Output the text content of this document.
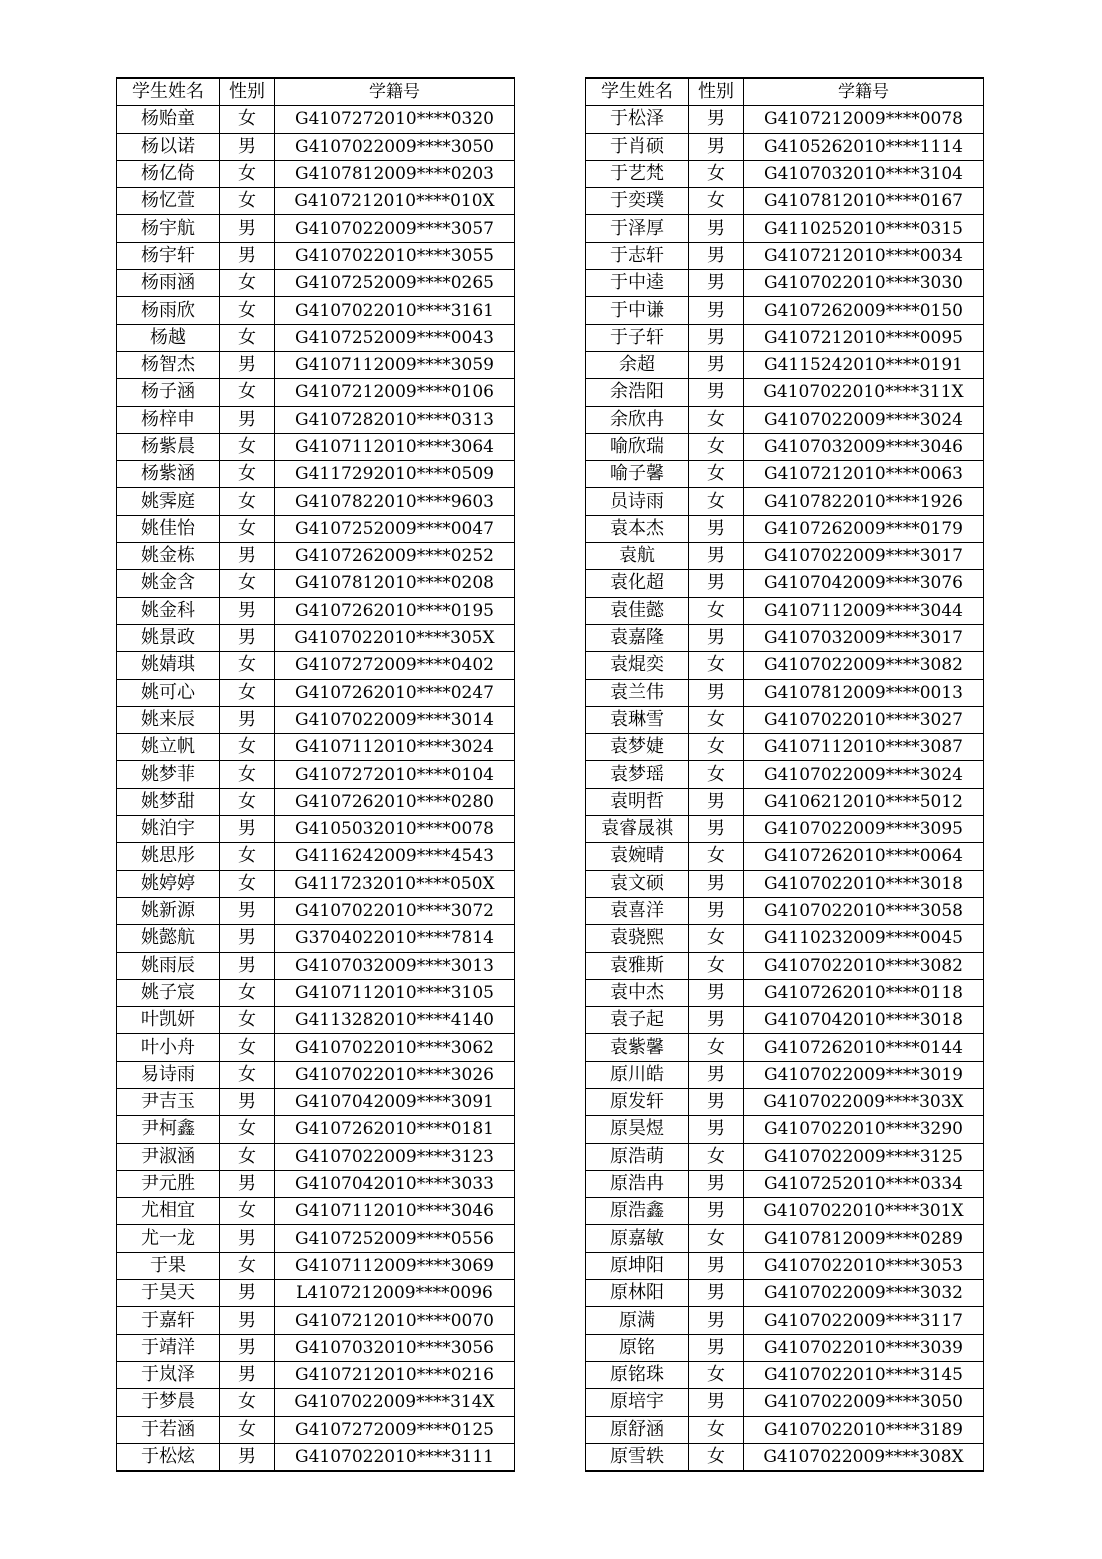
学生姓名	性别	学籍号
杨贻童	女	G4107272010****0320
杨以诺	男	G4107022009****3050
杨亿倚	女	G4107812009****0203
杨忆萱	女	G4107212010****010X
杨宇航	男	G4107022009****3057
杨宇轩	男	G4107022010****3055
杨雨涵	女	G4107252009****0265
杨雨欣	女	G4107022010****3161
杨越	女	G4107252009****0043
杨智杰	男	G4107112009****3059
杨子涵	女	G4107212009****0106
杨梓申	男	G4107282010****0313
杨紫晨	女	G4107112010****3064
杨紫涵	女	G4117292010****0509
姚霁庭	女	G4107822010****9603
姚佳怡	女	G4107252009****0047
姚金栋	男	G4107262009****0252
姚金含	女	G4107812010****0208
姚金科	男	G4107262010****0195
姚景政	男	G4107022010****305X
姚婧琪	女	G4107272009****0402
姚可心	女	G4107262010****0247
姚来辰	男	G4107022009****3014
姚立帆	女	G4107112010****3024
姚梦菲	女	G4107272010****0104
姚梦甜	女	G4107262010****0280
姚泊宇	男	G4105032010****0078
姚思彤	女	G4116242009****4543
姚婷婷	女	G4117232010****050X
姚新源	男	G4107022010****3072
姚懿航	男	G3704022010****7814
姚雨辰	男	G4107032009****3013
姚子宸	女	G4107112010****3105
叶凯妍	女	G4113282010****4140
叶小舟	女	G4107022010****3062
易诗雨	女	G4107022010****3026
尹吉玉	男	G4107042009****3091
尹柯鑫	女	G4107262010****0181
尹淑涵	女	G4107022009****3123
尹元胜	男	G4107042010****3033
尤相宜	女	G4107112010****3046
尤一龙	男	G4107252009****0556
于果	女	G4107112009****3069
于昊天	男	L4107212009****0096
于嘉轩	男	G4107212010****0070
于靖洋	男	G4107032010****3056
于岚泽	男	G4107212010****0216
于梦晨	女	G4107022009****314X
于若涵	女	G4107272009****0125
于松炫	男	G4107022010****3111
学生姓名	性别	学籍号
于松泽	男	G4107212009****0078
于肖硕	男	G4105262010****1114
于艺梵	女	G4107032010****3104
于奕璞	女	G4107812010****0167
于泽厚	男	G4110252010****0315
于志轩	男	G4107212010****0034
于中逵	男	G4107022010****3030
于中谦	男	G4107262009****0150
于子轩	男	G4107212010****0095
余超	男	G4115242010****0191
余浩阳	男	G4107022010****311X
余欣冉	女	G4107022009****3024
喻欣瑞	女	G4107032009****3046
喻子馨	女	G4107212010****0063
员诗雨	女	G4107822010****1926
袁本杰	男	G4107262009****0179
袁航	男	G4107022009****3017
袁化超	男	G4107042009****3076
袁佳懿	女	G4107112009****3044
袁嘉隆	男	G4107032009****3017
袁焜奕	女	G4107022009****3082
袁兰伟	男	G4107812009****0013
袁琳雪	女	G4107022010****3027
袁梦婕	女	G4107112010****3087
袁梦瑶	女	G4107022009****3024
袁明哲	男	G4106212010****5012
袁睿晟祺	男	G4107022009****3095
袁婉晴	女	G4107262010****0064
袁文硕	男	G4107022010****3018
袁喜洋	男	G4107022010****3058
袁骁熙	女	G4110232009****0045
袁雅斯	女	G4107022010****3082
袁中杰	男	G4107262010****0118
袁子起	男	G4107042010****3018
袁紫馨	女	G4107262010****0144
原川皓	男	G4107022009****3019
原发轩	男	G4107022009****303X
原昊煜	男	G4107022010****3290
原浩萌	女	G4107022009****3125
原浩冉	男	G4107252010****0334
原浩鑫	男	G4107022010****301X
原嘉敏	女	G4107812009****0289
原坤阳	男	G4107022010****3053
原林阳	男	G4107022009****3032
原满	男	G4107022009****3117
原铭	男	G4107022010****3039
原铭珠	女	G4107022010****3145
原培宇	男	G4107022009****3050
原舒涵	女	G4107022010****3189
原雪轶	女	G4107022009****308X
